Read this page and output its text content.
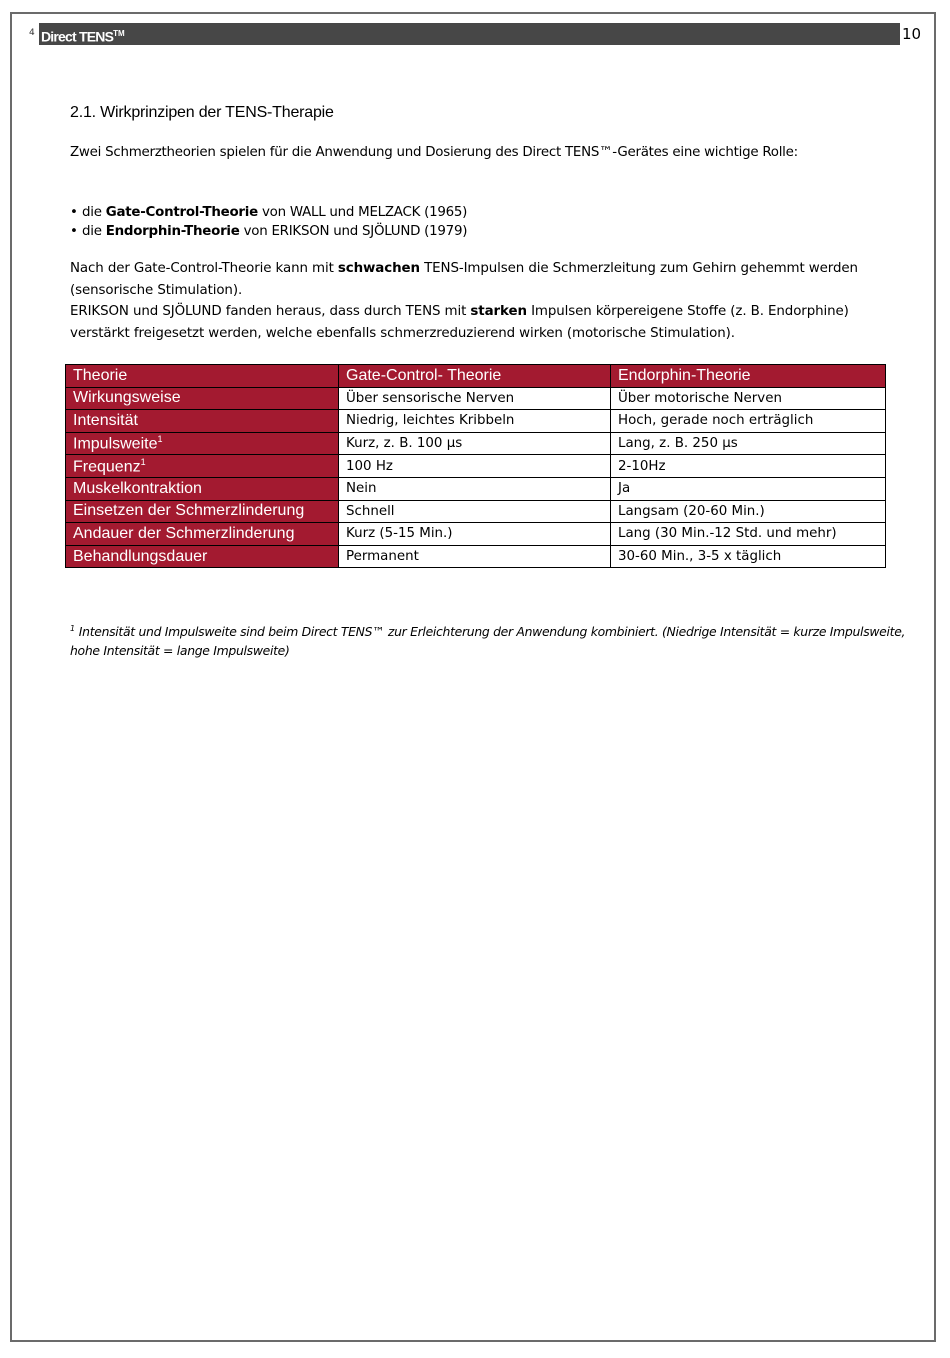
4 Direct TENS™	10
2.1. Wirkprinzipen der TENS-Therapie

Zwei Schmerztheorien spielen für die Anwendung und Dosierung des Direct TENS™-Gerätes eine wichtige Rolle:

• die Gate-Control-Theorie von WALL und MELZACK (1965)
• die Endorphin-Theorie von ERIKSON und SJÖLUND (1979)

Nach der Gate-Control-Theorie kann mit schwachen TENS-Impulsen die Schmerzleitung zum Gehirn gehemmt werden (sensorische Stimulation).
ERIKSON und SJÖLUND fanden heraus, dass durch TENS mit starken Impulsen körpereigene Stoffe (z. B. Endorphine) verstärkt freigesetzt werden, welche ebenfalls schmerzreduzierend wirken (motorische Stimulation).

Theorie	Gate-Control- Theorie	Endorphin-Theorie
Wirkungsweise	Über sensorische Nerven	Über motorische Nerven
Intensität	Niedrig, leichtes Kribbeln	Hoch, gerade noch erträglich
Impulsweite$^1$	Kurz, z. B. 100 µs	Lang, z. B. 250 µs
Frequenz$^1$	100 Hz	2-10Hz
Muskelkontraktion	Nein	Ja
Einsetzen der Schmerzlinderung	Schnell	Langsam (20-60 Min.)
Andauer der Schmerzlinderung	Kurz (5-15 Min.)	Lang (30 Min.-12 Std. und mehr)
Behandlungsdauer	Permanent	30-60 Min., 3-5 x täglich

$^1$ Intensität und Impulsweite sind beim Direct TENS™ zur Erleichterung der Anwendung kombiniert. (Niedrige Intensität = kurze Impulsweite, hohe Intensität = lange Impulsweite)
